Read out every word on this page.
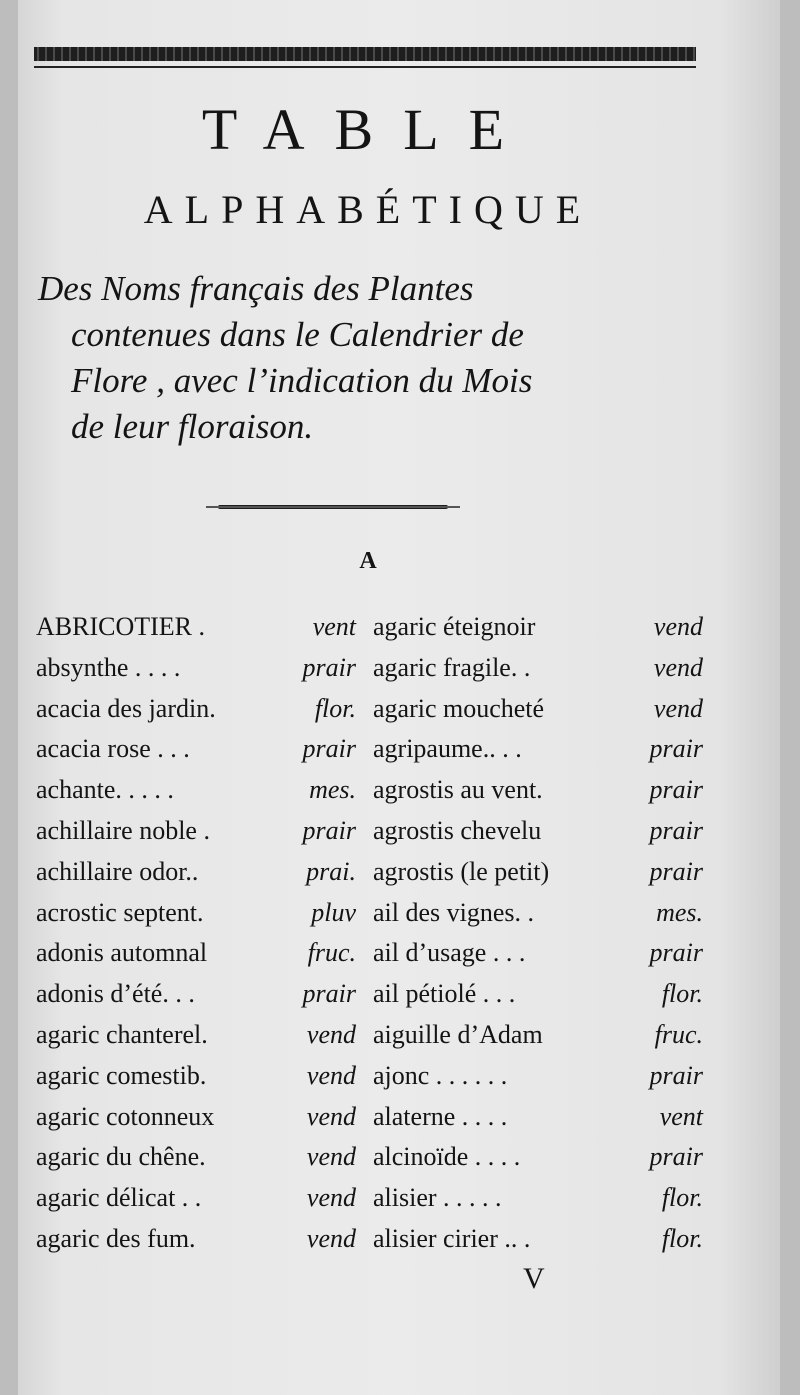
TABLE
ALPHABÉTIQUE
Des Noms français des Plantes
contenues dans le Calendrier de
Flore , avec l’indication du Mois
de leur floraison.
A
ABRICOTIER .	vent
absynthe . . . .	prair
acacia des jardin.	flor.
acacia rose . . .	prair
achante. . . . .	mes.
achillaire noble .	prair
achillaire odor..	prai.
acrostic septent.	pluv
adonis automnal	fruc.
adonis d’été. . .	prair
agaric chanterel.	vend
agaric comestib.	vend
agaric cotonneux	vend
agaric du chêne.	vend
agaric délicat . .	vend
agaric des fum.	vend
agaric éteignoir	vend
agaric fragile. .	vend
agaric moucheté	vend
agripaume.. . .	prair
agrostis au vent.	prair
agrostis chevelu	prair
agrostis (le petit)	prair
ail des vignes. .	mes.
ail d’usage . . .	prair
ail pétiolé . . .	flor.
aiguille d’Adam	fruc.
ajonc . . . . . .	prair
alaterne . . . .	vent
alcinoïde . . . .	prair
alisier . . . . .	flor.
alisier cirier .. .	flor.
V
